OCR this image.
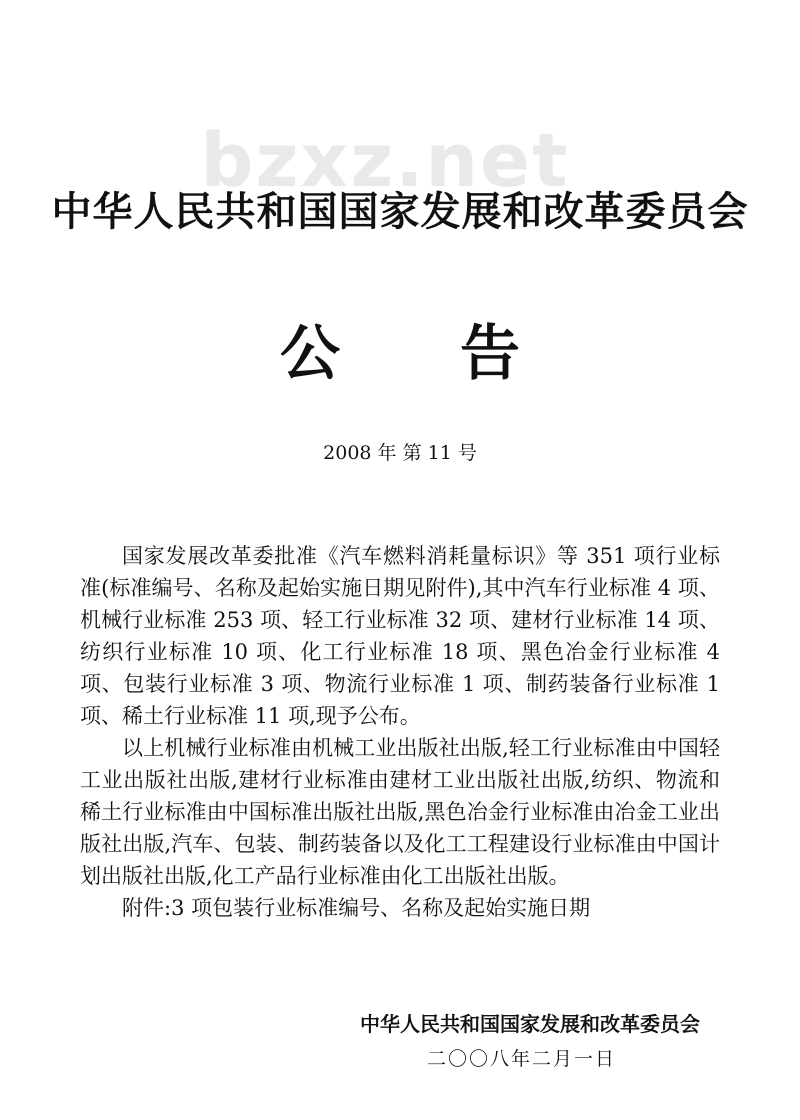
bzxz.net
中华人民共和国国家发展和改革委员会
公告
2008 年 第 11 号

国家发展改革委批准《汽车燃料消耗量标识》等 351 项行业标准(标准编号、名称及起始实施日期见附件),其中汽车行业标准 4 项、机械行业标准 253 项、轻工行业标准 32 项、建材行业标准 14 项、纺织行业标准 10 项、化工行业标准 18 项、黑色冶金行业标准 4 项、包装行业标准 3 项、物流行业标准 1 项、制药装备行业标准 1 项、稀土行业标准 11 项,现予公布。

以上机械行业标准由机械工业出版社出版,轻工行业标准由中国轻工业出版社出版,建材行业标准由建材工业出版社出版,纺织、物流和稀土行业标准由中国标准出版社出版,黑色冶金行业标准由冶金工业出版社出版,汽车、包装、制药装备以及化工工程建设行业标准由中国计划出版社出版,化工产品行业标准由化工出版社出版。

附件:3 项包装行业标准编号、名称及起始实施日期

中华人民共和国国家发展和改革委员会
二〇〇八年二月一日
